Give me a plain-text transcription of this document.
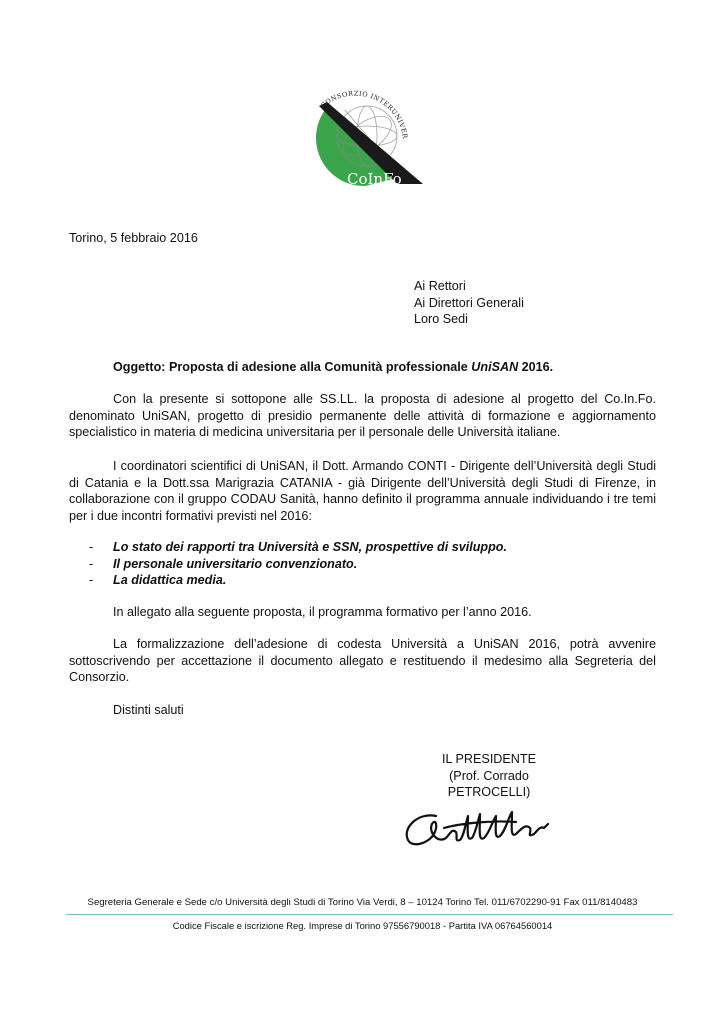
CONSORZIO INTERUNIVER
CoInFo
Torino, 5 febbraio 2016
Ai Rettori
Ai Direttori Generali
Loro Sedi
Oggetto: Proposta di adesione alla Comunità professionale UniSAN 2016.
Con la presente si sottopone alle SS.LL. la proposta di adesione al progetto del Co.In.Fo. denominato UniSAN, progetto di presidio permanente delle attività di formazione e aggiornamento specialistico in materia di medicina universitaria per il personale delle Università italiane.
I coordinatori scientifici di UniSAN, il Dott. Armando CONTI - Dirigente dell’Università degli Studi di Catania e la Dott.ssa Marigrazia CATANIA - già Dirigente dell’Università degli Studi di Firenze, in collaborazione con il gruppo CODAU Sanità, hanno definito il programma annuale individuando i tre temi per i due incontri formativi previsti nel 2016:
-	Lo stato dei rapporti tra Università e SSN, prospettive di sviluppo.
-	Il personale universitario convenzionato.
-	La didattica media.
In allegato alla seguente proposta, il programma formativo per l’anno 2016.
La formalizzazione dell’adesione di codesta Università a UniSAN 2016, potrà avvenire sottoscrivendo per accettazione il documento allegato e restituendo il medesimo alla Segreteria del Consorzio.
Distinti saluti
IL PRESIDENTE
(Prof. Corrado PETROCELLI)
Segreteria Generale e Sede c/o Università degli Studi di Torino Via Verdi, 8 – 10124 Torino Tel. 011/6702290-91 Fax 011/8140483
Codice Fiscale e iscrizione Reg. Imprese di Torino 97556790018 - Partita IVA 06764560014
